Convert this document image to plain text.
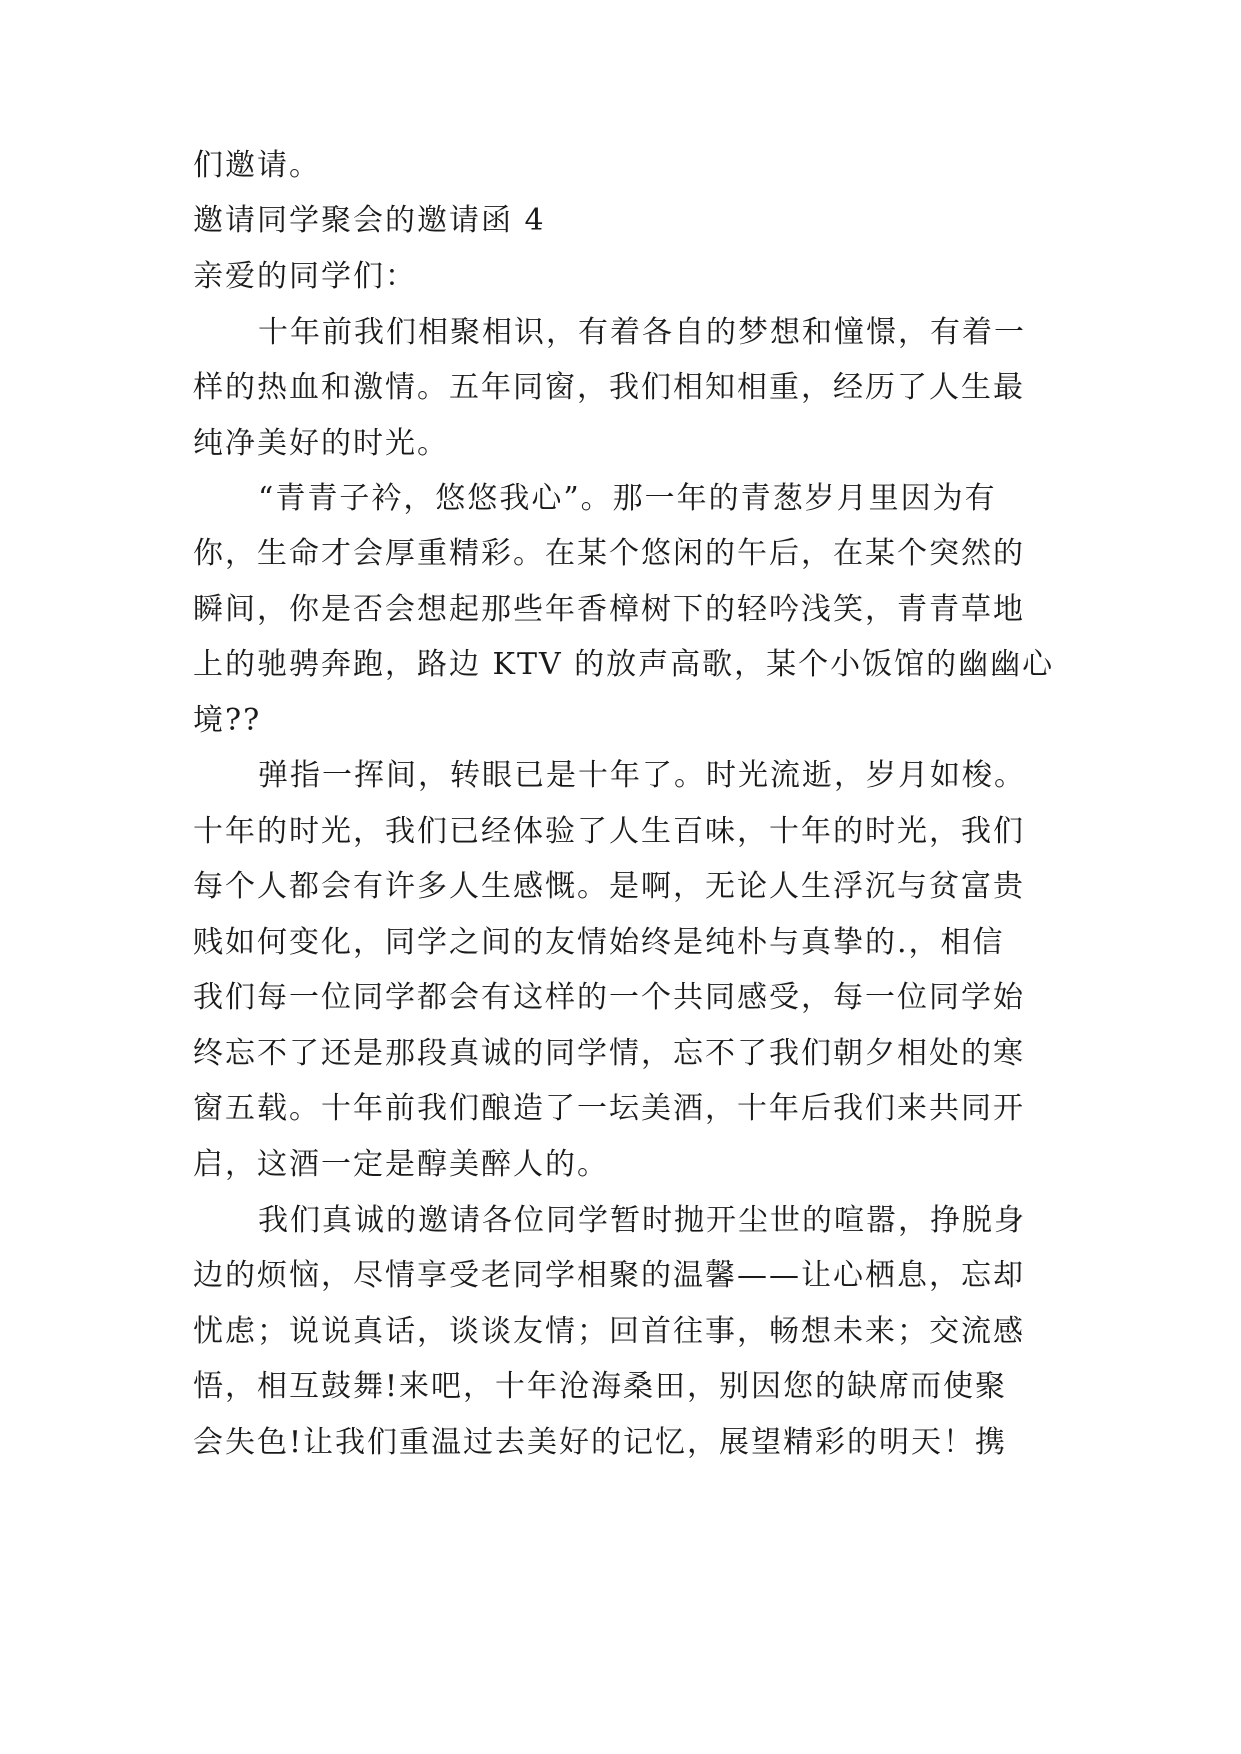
们邀请。
邀请同学聚会的邀请函 4
亲爱的同学们：
十年前我们相聚相识，有着各自的梦想和憧憬，有着一
样的热血和激情。五年同窗，我们相知相重，经历了人生最
纯净美好的时光。
“青青子衿，悠悠我心”。那一年的青葱岁月里因为有
你，生命才会厚重精彩。在某个悠闲的午后，在某个突然的
瞬间，你是否会想起那些年香樟树下的轻吟浅笑，青青草地
上的驰骋奔跑，路边 KTV 的放声高歌，某个小饭馆的幽幽心
境??
弹指一挥间，转眼已是十年了。时光流逝，岁月如梭。
十年的时光，我们已经体验了人生百味，十年的时光，我们
每个人都会有许多人生感慨。是啊，无论人生浮沉与贫富贵
贱如何变化，同学之间的友情始终是纯朴与真挚的.，相信
我们每一位同学都会有这样的一个共同感受，每一位同学始
终忘不了还是那段真诚的同学情，忘不了我们朝夕相处的寒
窗五载。十年前我们酿造了一坛美酒，十年后我们来共同开
启，这酒一定是醇美醉人的。
我们真诚的邀请各位同学暂时抛开尘世的喧嚣，挣脱身
边的烦恼，尽情享受老同学相聚的温馨——让心栖息，忘却
忧虑；说说真话，谈谈友情；回首往事，畅想未来；交流感
悟，相互鼓舞!来吧，十年沧海桑田，别因您的缺席而使聚
会失色!让我们重温过去美好的记忆，展望精彩的明天！携
